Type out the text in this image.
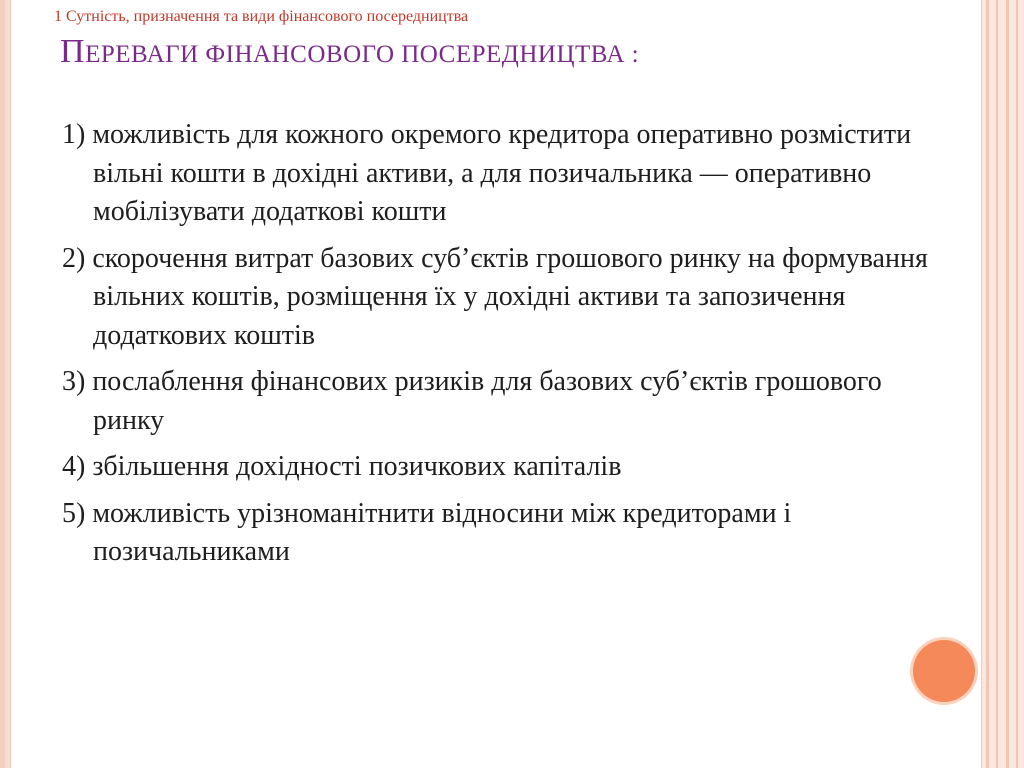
1 Сутність, призначення та види фінансового посередництва
ПЕРЕВАГИ ФІНАНСОВОГО ПОСЕРЕДНИЦТВА :
1) можливість для кожного окремого кредитора оперативно розмістити вільні кошти в дохідні активи, а для позичальника — оперативно мобілізувати додаткові кошти
2) скорочення витрат базових суб’єктів грошового ринку на формування вільних коштів, розміщення їх у дохідні активи та запозичення додаткових коштів
3) послаблення фінансових ризиків для базових суб’єктів грошового ринку
4) збільшення дохідності позичкових капіталів
5) можливість урізноманітнити відносини між кредиторами і позичальниками
